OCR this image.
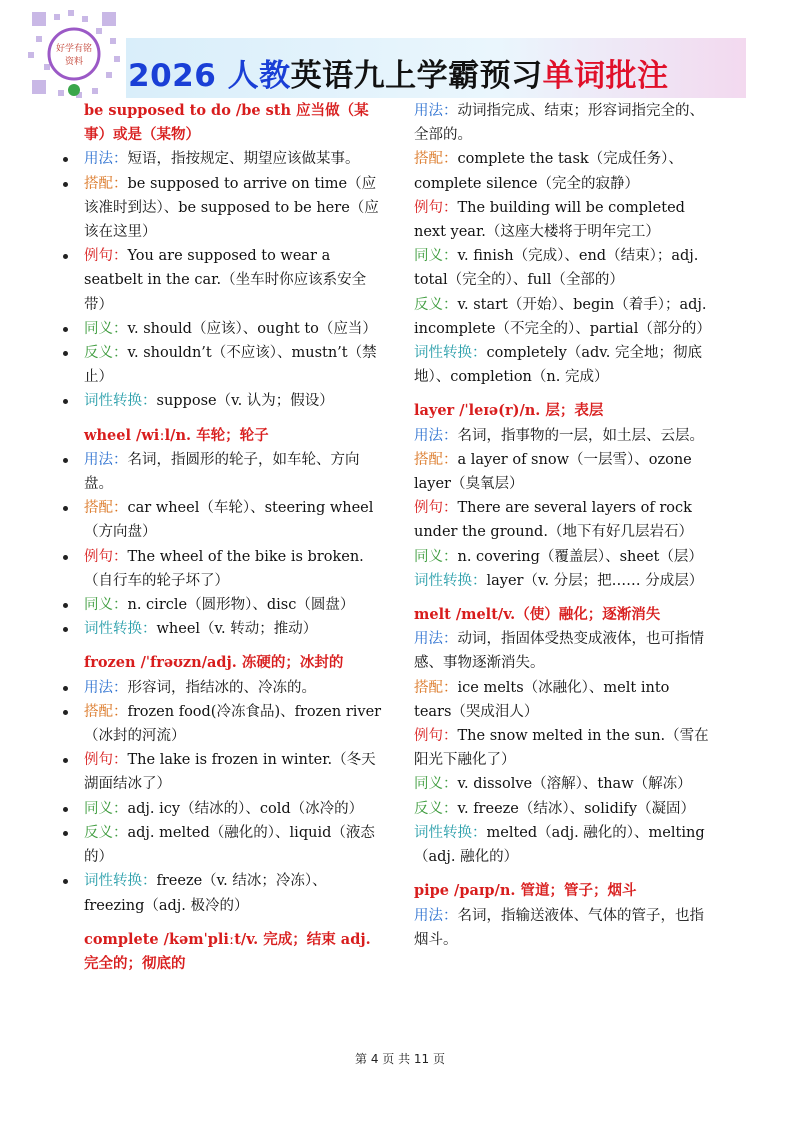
好学有铭
资料 2026 人教英语九上学霸预习单词批注
be supposed to do /be sth 应当做（某事）或是（某物）
用法：短语，指按规定、期望应该做某事。
搭配：be supposed to arrive on time（应该准时到达）、be supposed to be here（应该在这里）
例句：You are supposed to wear a seatbelt in the car.（坐车时你应该系安全带）
同义：v. should（应该）、ought to（应当）
反义：v. shouldn’t（不应该）、mustn’t（禁止）
词性转换：suppose（v. 认为；假设）
wheel /wiːl/n. 车轮；轮子
用法：名词，指圆形的轮子，如车轮、方向盘。
搭配：car wheel（车轮）、steering wheel（方向盘）
例句：The wheel of the bike is broken.（自行车的轮子坏了）
同义：n. circle（圆形物）、disc（圆盘）
词性转换：wheel（v. 转动；推动）
frozen /ˈfrəʊzn/adj. 冻硬的；冰封的
用法：形容词，指结冰的、冷冻的。
搭配：frozen food(冷冻食品)、frozen river（冰封的河流）
例句：The lake is frozen in winter.（冬天湖面结冰了）
同义：adj. icy（结冰的）、cold（冰冷的）
反义：adj. melted（融化的）、liquid（液态的）
词性转换：freeze（v. 结冰；冷冻）、freezing（adj. 极冷的）
complete /kəmˈpliːt/v. 完成；结束 adj. 完全的；彻底的
用法：动词指完成、结束；形容词指完全的、全部的。
搭配：complete the task（完成任务）、complete silence（完全的寂静）
例句：The building will be completed next year.（这座大楼将于明年完工）
同义：v. finish（完成）、end（结束）；adj. total（完全的）、full（全部的）
反义：v. start（开始）、begin（着手）；adj. incomplete（不完全的）、partial（部分的）
词性转换：completely（adv. 完全地；彻底地）、completion（n. 完成）
layer /ˈleɪə(r)/n. 层；表层
用法：名词，指事物的一层，如土层、云层。
搭配：a layer of snow（一层雪）、ozone layer（臭氧层）
例句：There are several layers of rock under the ground.（地下有好几层岩石）
同义：n. covering（覆盖层）、sheet（层）
词性转换：layer（v. 分层；把…… 分成层）
melt /melt/v.（使）融化；逐渐消失
用法：动词，指固体受热变成液体，也可指情感、事物逐渐消失。
搭配：ice melts（冰融化）、melt into tears（哭成泪人）
例句：The snow melted in the sun.（雪在阳光下融化了）
同义：v. dissolve（溶解）、thaw（解冻）
反义：v. freeze（结冰）、solidify（凝固）
词性转换：melted（adj. 融化的）、melting（adj. 融化的）
pipe /paɪp/n. 管道；管子；烟斗
用法：名词，指输送液体、气体的管子，也指烟斗。
第 4 页 共 11 页
